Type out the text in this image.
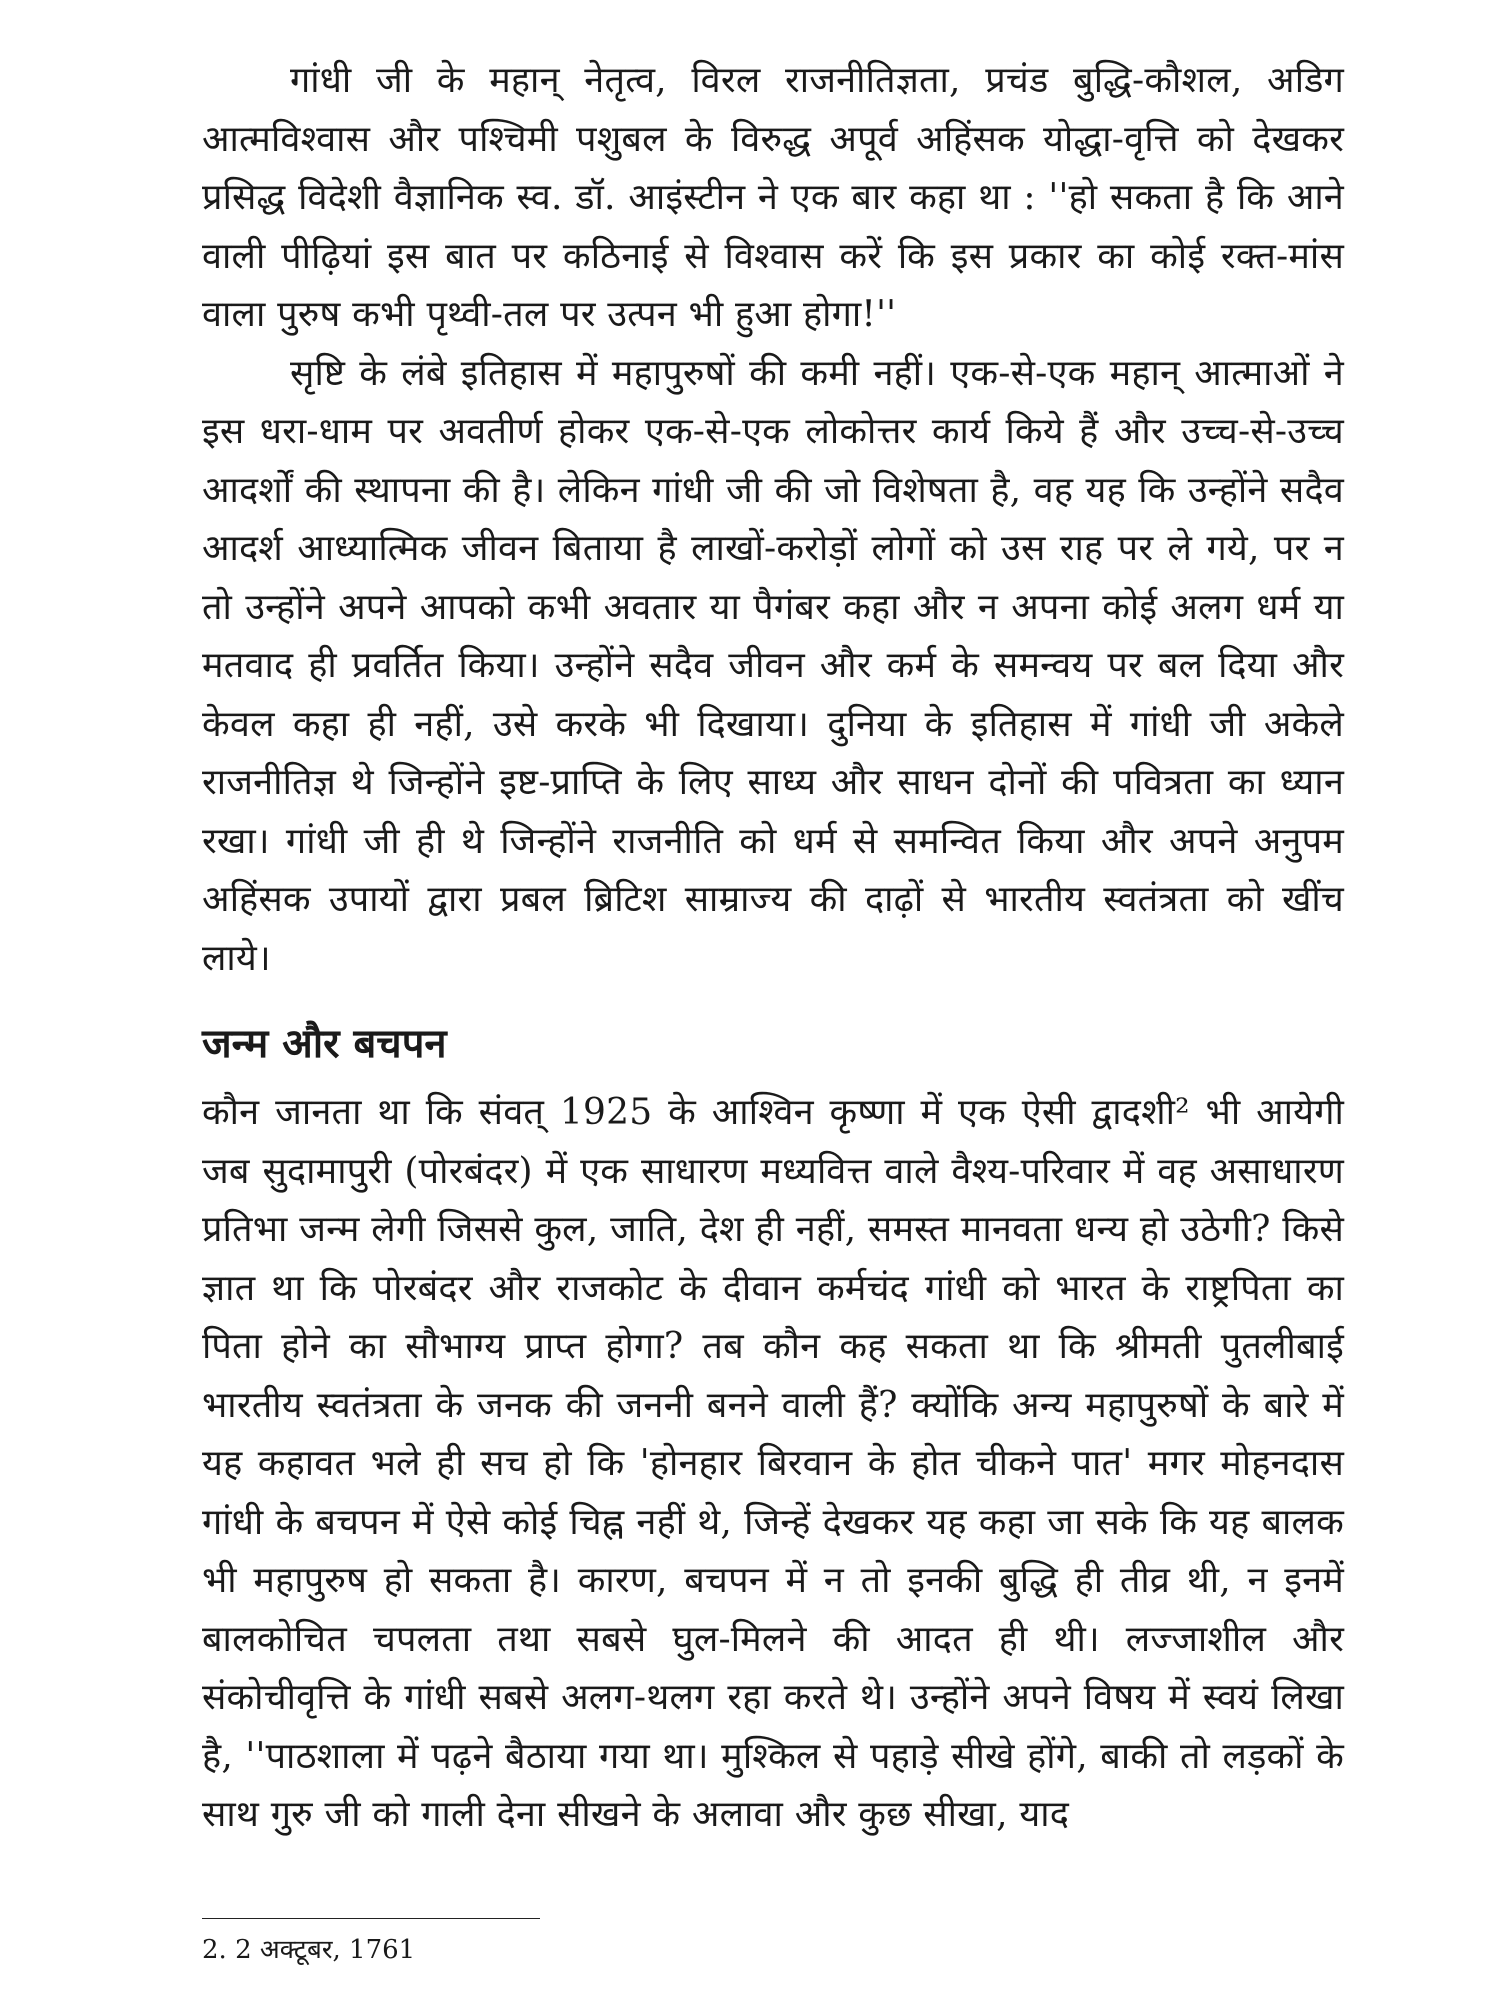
गांधी जी के महान् नेतृत्व, विरल राजनीतिज्ञता, प्रचंड बुद्धि-कौशल, अडिग आत्मविश्वास और पश्चिमी पशुबल के विरुद्ध अपूर्व अहिंसक योद्धा-वृत्ति को देखकर प्रसिद्ध विदेशी वैज्ञानिक स्व. डॉ. आइंस्टीन ने एक बार कहा था : ''हो सकता है कि आने वाली पीढ़ियां इस बात पर कठिनाई से विश्वास करें कि इस प्रकार का कोई रक्त-मांस वाला पुरुष कभी पृथ्वी-तल पर उत्पन भी हुआ होगा!''

सृष्टि के लंबे इतिहास में महापुरुषों की कमी नहीं। एक-से-एक महान् आत्माओं ने इस धरा-धाम पर अवतीर्ण होकर एक-से-एक लोकोत्तर कार्य किये हैं और उच्च-से-उच्च आदर्शों की स्थापना की है। लेकिन गांधी जी की जो विशेषता है, वह यह कि उन्होंने सदैव आदर्श आध्यात्मिक जीवन बिताया है लाखों-करोड़ों लोगों को उस राह पर ले गये, पर न तो उन्होंने अपने आपको कभी अवतार या पैगंबर कहा और न अपना कोई अलग धर्म या मतवाद ही प्रवर्तित किया। उन्होंने सदैव जीवन और कर्म के समन्वय पर बल दिया और केवल कहा ही नहीं, उसे करके भी दिखाया। दुनिया के इतिहास में गांधी जी अकेले राजनीतिज्ञ थे जिन्होंने इष्ट-प्राप्ति के लिए साध्य और साधन दोनों की पवित्रता का ध्यान रखा। गांधी जी ही थे जिन्होंने राजनीति को धर्म से समन्वित किया और अपने अनुपम अहिंसक उपायों द्वारा प्रबल ब्रिटिश साम्राज्य की दाढ़ों से भारतीय स्वतंत्रता को खींच लाये।

जन्म और बचपन

कौन जानता था कि संवत् 1925 के आश्विन कृष्णा में एक ऐसी द्वादशी² भी आयेगी जब सुदामापुरी (पोरबंदर) में एक साधारण मध्यवित्त वाले वैश्य-परिवार में वह असाधारण प्रतिभा जन्म लेगी जिससे कुल, जाति, देश ही नहीं, समस्त मानवता धन्य हो उठेगी? किसे ज्ञात था कि पोरबंदर और राजकोट के दीवान कर्मचंद गांधी को भारत के राष्ट्रपिता का पिता होने का सौभाग्य प्राप्त होगा? तब कौन कह सकता था कि श्रीमती पुतलीबाई भारतीय स्वतंत्रता के जनक की जननी बनने वाली हैं? क्योंकि अन्य महापुरुषों के बारे में यह कहावत भले ही सच हो कि 'होनहार बिरवान के होत चीकने पात' मगर मोहनदास गांधी के बचपन में ऐसे कोई चिह्न नहीं थे, जिन्हें देखकर यह कहा जा सके कि यह बालक भी महापुरुष हो सकता है। कारण, बचपन में न तो इनकी बुद्धि ही तीव्र थी, न इनमें बालकोचित चपलता तथा सबसे घुल-मिलने की आदत ही थी। लज्जाशील और संकोचीवृत्ति के गांधी सबसे अलग-थलग रहा करते थे। उन्होंने अपने विषय में स्वयं लिखा है, ''पाठशाला में पढ़ने बैठाया गया था। मुश्किल से पहाड़े सीखे होंगे, बाकी तो लड़कों के साथ गुरु जी को गाली देना सीखने के अलावा और कुछ सीखा, याद

2. 2 अक्टूबर, 1761
